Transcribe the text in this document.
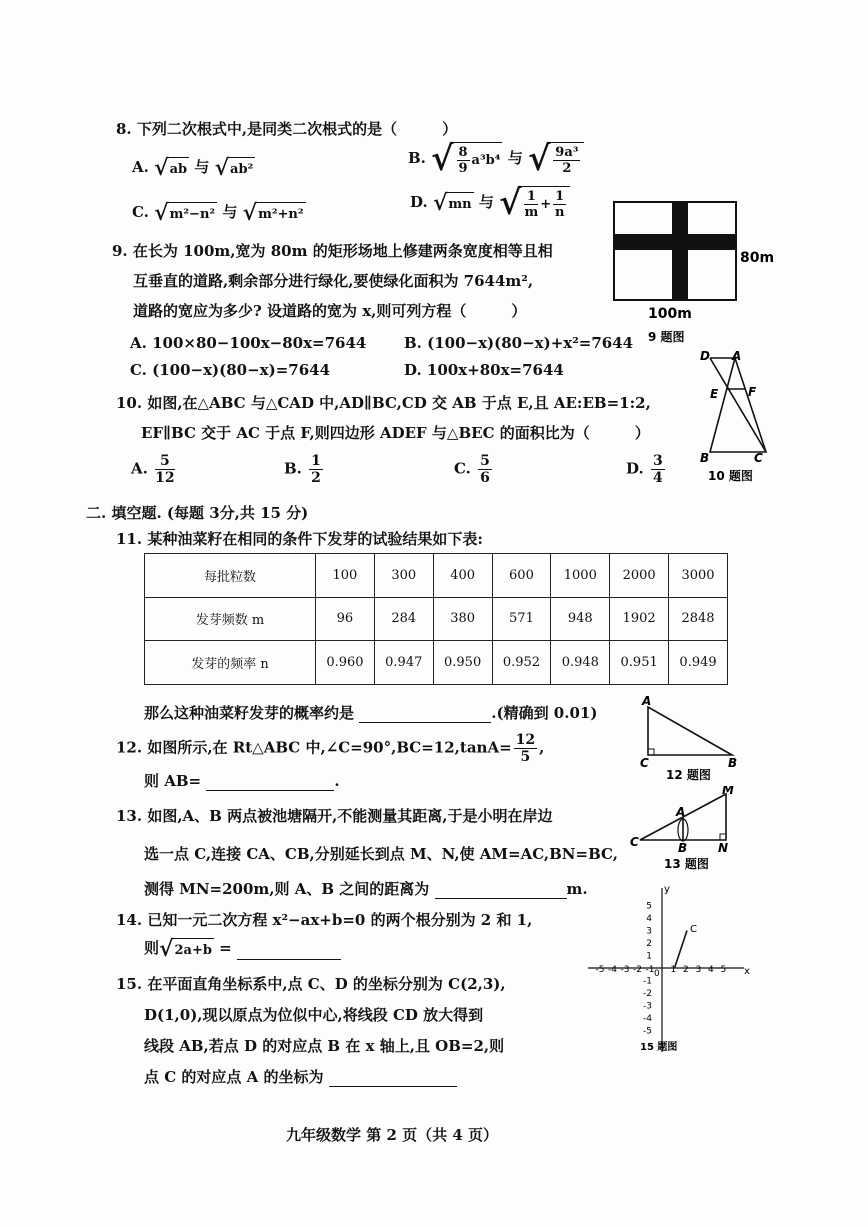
8. 下列二次根式中,是同类二次根式的是（　　　）
A. √ ab 与 √ ab²
B. √ $\frac{8}{9} a^3b^4$ 与 √ $\frac{\text{9a³}}{2}$
C. √ m²−n² 与 √ m²+n²
D. √ mn 与 √ $\frac{1}{m} + \frac{1}{n}$
80m
100m
9 题图
9. 在长为 100m,宽为 80m 的矩形场地上修建两条宽度相等且相
互垂直的道路,剩余部分进行绿化,要使绿化面积为 7644m²,
道路的宽应为多少? 设道路的宽为 x,则可列方程（　　　）
A. 100×80−100x−80x=7644	B. (100−x)(80−x)+x²=7644
C. (100−x)(80−x)=7644	D. 100x+80x=7644
D A
E F
B	C
10 题图
10. 如图,在△ABC 与△CAD 中,AD∥BC,CD 交 AB 于点 E,且 AE:EB=1:2,
EF∥BC 交于 AC 于点 F,则四边形 ADEF 与△BEC 的面积比为（　　　）
A. $\frac{5}{12}$	B. $\frac{1}{2}$	C. $\frac{5}{6}$	D. $\frac{3}{4}$
二. 填空题. (每题 3分,共 15 分)
11. 某种油菜籽在相同的条件下发芽的试验结果如下表:
每批粒数	100	300	400	600	1000	2000	3000
发芽频数 m	96	284	380	571	948	1902	2848
发芽的频率 n	0.960	0.947	0.950	0.952	0.948	0.951	0.949
那么这种油菜籽发芽的概率约是	.(精确到 0.01)
A
C	B
12 题图
12. 如图所示,在 Rt△ABC 中,∠C=90°,BC=12,tanA= $\frac{12}{5}$ ,
则 AB=	.	M
A
C	B	N
13 题图
13. 如图,A、B 两点被池塘隔开,不能测量其距离,于是小明在岸边
选一点 C,连接 CA、CB,分别延长到点 M、N,使 AM=AC,BN=BC,
测得 MN=200m,则 A、B 之间的距离为	m.
14. 已知一元二次方程 x²−ax+b=0 的两个根分别为 2 和 1,
则 √ 2a+b =
y
x
C
0
-5 -4 -3 -2 -1 1 2 3 4 5
5
4
3
2
1
-1
-2
-3
-4
-5
15 题图
15. 在平面直角坐标系中,点 C、D 的坐标分别为 C(2,3),
D(1,0),现以原点为位似中心,将线段 CD 放大得到
线段 AB,若点 D 的对应点 B 在 x 轴上,且 OB=2,则
点 C 的对应点 A 的坐标为
九年级数学 第 2 页（共 4 页）
